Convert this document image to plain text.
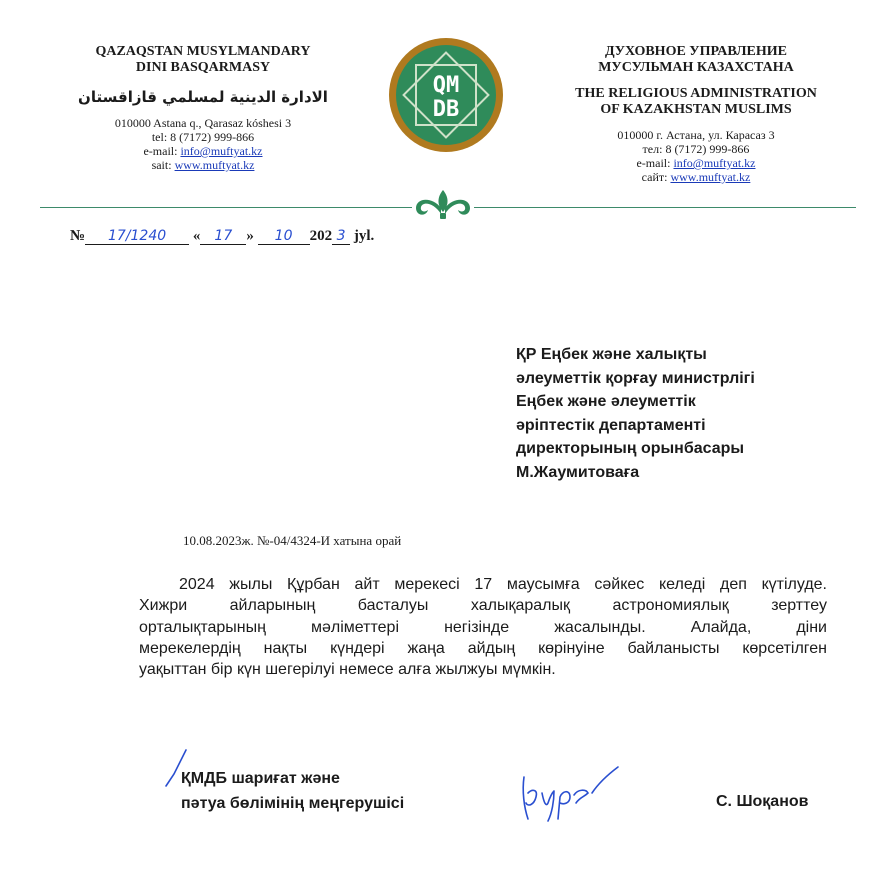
QAZAQSTAN MUSYLMANDARY
DINI BASQARMASY
الادارة الدينية لمسلمي قازاقستان
010000 Astana q., Qarasaz kóshesi 3
tel: 8 (7172) 999-866
e-mail: info@muftyat.kz
sait: www.muftyat.kz
QM
DB
ДУХОВНОЕ УПРАВЛЕНИЕ
МУСУЛЬМАН КАЗАХСТАНА
THE RELIGIOUS ADMINISTRATION
OF KAZAKHSTAN MUSLIMS
010000 г. Астана, ул. Карасаз 3
тел: 8 (7172) 999-866
e-mail: info@muftyat.kz
сайт: www.muftyat.kz
№ 17/1240 « 17 » 10 202 3 jyl.
ҚР Еңбек және халықты
әлеуметтік қорғау министрлігі
Еңбек және әлеуметтік
әріптестік департаменті
директорының орынбасары
М.Жаумитоваға
10.08.2023ж. №-04/4324-И хатына орай
2024 жылы Құрбан айт мерекесі 17 маусымға сәйкес келеді деп күтілуде.
Хижри айларының басталуы халықаралық астрономиялық зерттеу
орталықтарының мәліметтері негізінде жасалынды. Алайда, діни
мерекелердің нақты күндері жаңа айдың көрінуіне байланысты көрсетілген
уақыттан бір күн шегерілуі немесе алға жылжуы мүмкін.
ҚМДБ шариғат және
пәтуа бөлімінің меңгерушісі	С. Шоқанов
